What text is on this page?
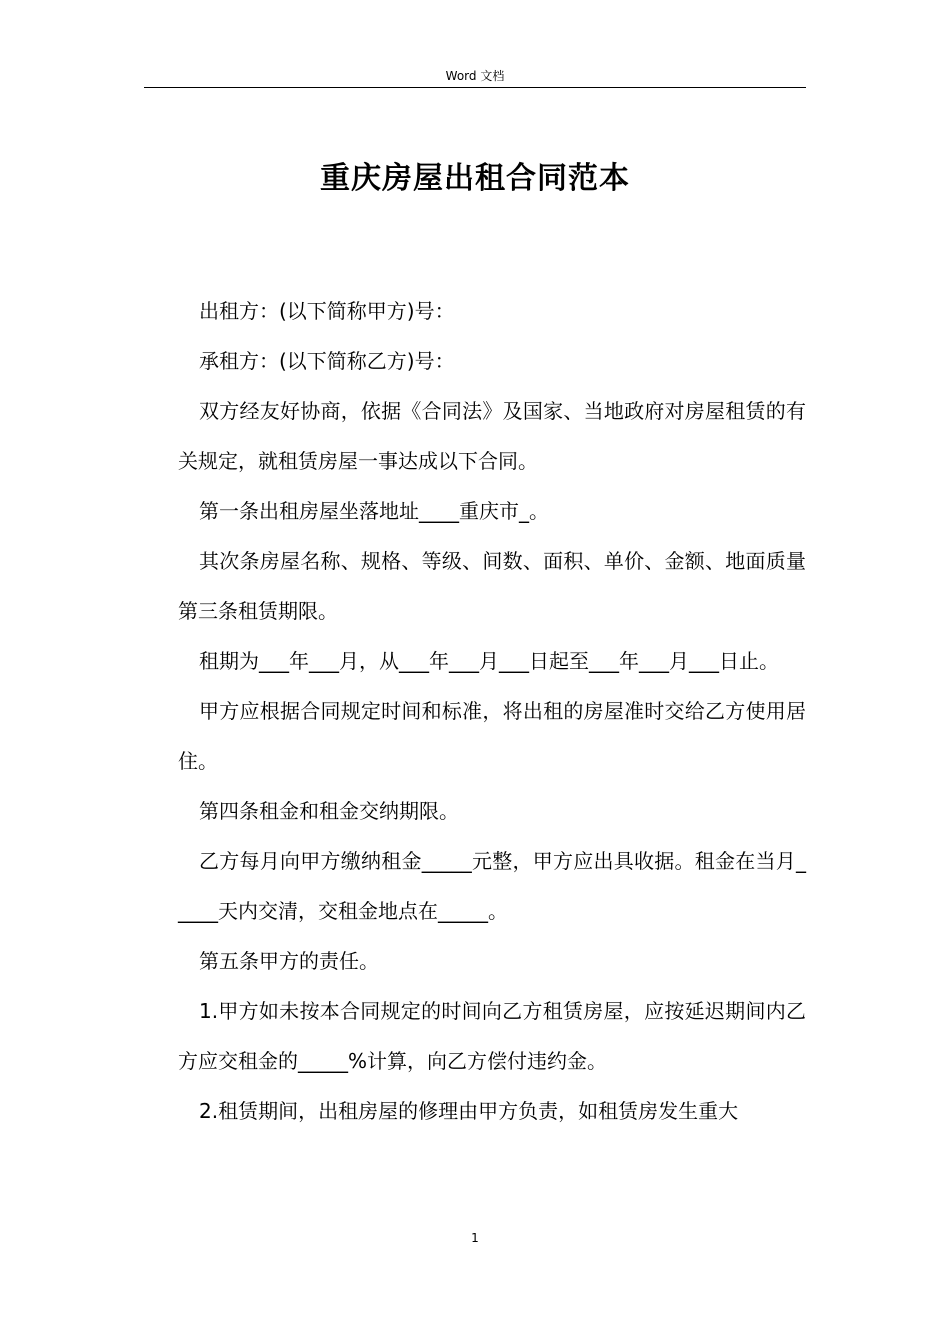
Word 文档
重庆房屋出租合同范本

出租方：(以下简称甲方)号：

承租方：(以下简称乙方)号：

双方经友好协商，依据《合同法》及国家、当地政府对房屋租赁的有关规定，就租赁房屋一事达成以下合同。

第一条出租房屋坐落地址____重庆市_。

其次条房屋名称、规格、等级、间数、面积、单价、金额、地面质量第三条租赁期限。

租期为___年___月，从___年___月___日起至___年___月___日止。

甲方应根据合同规定时间和标准，将出租的房屋准时交给乙方使用居住。

第四条租金和租金交纳期限。

乙方每月向甲方缴纳租金_____元整，甲方应出具收据。租金在当月_____天内交清，交租金地点在_____。

第五条甲方的责任。

1.甲方如未按本合同规定的时间向乙方租赁房屋，应按延迟期间内乙方应交租金的_____%计算，向乙方偿付违约金。

2.租赁期间，出租房屋的修理由甲方负责，如租赁房发生重大

1
